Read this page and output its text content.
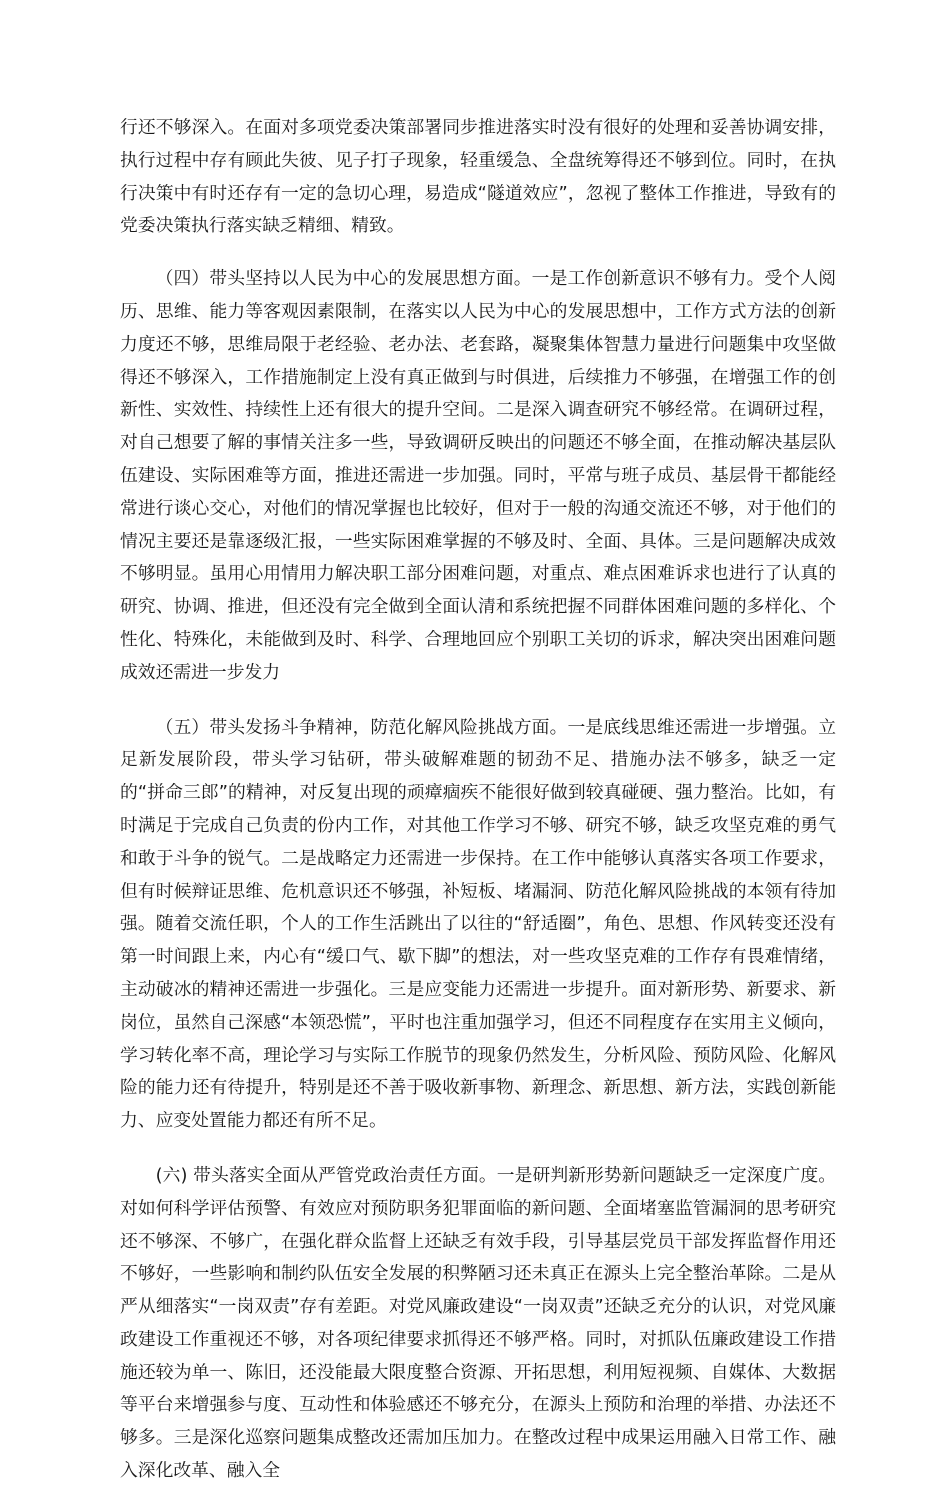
行还不够深入。在面对多项党委决策部署同步推进落实时没有很好的处理和妥善协调安排，执行过程中存有顾此失彼、见子打子现象，轻重缓急、全盘统筹得还不够到位。同时，在执行决策中有时还存有一定的急切心理，易造成“隧道效应”，忽视了整体工作推进，导致有的党委决策执行落实缺乏精细、精致。

（四）带头坚持以人民为中心的发展思想方面。一是工作创新意识不够有力。受个人阅历、思维、能力等客观因素限制，在落实以人民为中心的发展思想中，工作方式方法的创新力度还不够，思维局限于老经验、老办法、老套路，凝聚集体智慧力量进行问题集中攻坚做得还不够深入，工作措施制定上没有真正做到与时俱进，后续推力不够强，在增强工作的创新性、实效性、持续性上还有很大的提升空间。二是深入调查研究不够经常。在调研过程，对自己想要了解的事情关注多一些，导致调研反映出的问题还不够全面，在推动解决基层队伍建设、实际困难等方面，推进还需进一步加强。同时，平常与班子成员、基层骨干都能经常进行谈心交心，对他们的情况掌握也比较好，但对于一般的沟通交流还不够，对于他们的情况主要还是靠逐级汇报，一些实际困难掌握的不够及时、全面、具体。三是问题解决成效不够明显。虽用心用情用力解决职工部分困难问题，对重点、难点困难诉求也进行了认真的研究、协调、推进，但还没有完全做到全面认清和系统把握不同群体困难问题的多样化、个性化、特殊化，未能做到及时、科学、合理地回应个别职工关切的诉求，解决突出困难问题成效还需进一步发力

（五）带头发扬斗争精神，防范化解风险挑战方面。一是底线思维还需进一步增强。立足新发展阶段，带头学习钻研，带头破解难题的韧劲不足、措施办法不够多，缺乏一定的“拼命三郎”的精神，对反复出现的顽瘴痼疾不能很好做到较真碰硬、强力整治。比如，有时满足于完成自己负责的份内工作，对其他工作学习不够、研究不够，缺乏攻坚克难的勇气和敢于斗争的锐气。二是战略定力还需进一步保持。在工作中能够认真落实各项工作要求，但有时候辩证思维、危机意识还不够强，补短板、堵漏洞、防范化解风险挑战的本领有待加强。随着交流任职，个人的工作生活跳出了以往的“舒适圈”，角色、思想、作风转变还没有第一时间跟上来，内心有“缓口气、歇下脚”的想法，对一些攻坚克难的工作存有畏难情绪，主动破冰的精神还需进一步强化。三是应变能力还需进一步提升。面对新形势、新要求、新岗位，虽然自己深感“本领恐慌”，平时也注重加强学习，但还不同程度存在实用主义倾向，学习转化率不高，理论学习与实际工作脱节的现象仍然发生，分析风险、预防风险、化解风险的能力还有待提升，特别是还不善于吸收新事物、新理念、新思想、新方法，实践创新能力、应变处置能力都还有所不足。

(六) 带头落实全面从严管党政治责任方面。一是研判新形势新问题缺乏一定深度广度。对如何科学评估预警、有效应对预防职务犯罪面临的新问题、全面堵塞监管漏洞的思考研究还不够深、不够广，在强化群众监督上还缺乏有效手段，引导基层党员干部发挥监督作用还不够好，一些影响和制约队伍安全发展的积弊陋习还未真正在源头上完全整治革除。二是从严从细落实“一岗双责”存有差距。对党风廉政建设“一岗双责”还缺乏充分的认识，对党风廉政建设工作重视还不够，对各项纪律要求抓得还不够严格。同时，对抓队伍廉政建设工作措施还较为单一、陈旧，还没能最大限度整合资源、开拓思想，利用短视频、自媒体、大数据等平台来增强参与度、互动性和体验感还不够充分，在源头上预防和治理的举措、办法还不够多。三是深化巡察问题集成整改还需加压加力。在整改过程中成果运用融入日常工作、融入深化改革、融入全
